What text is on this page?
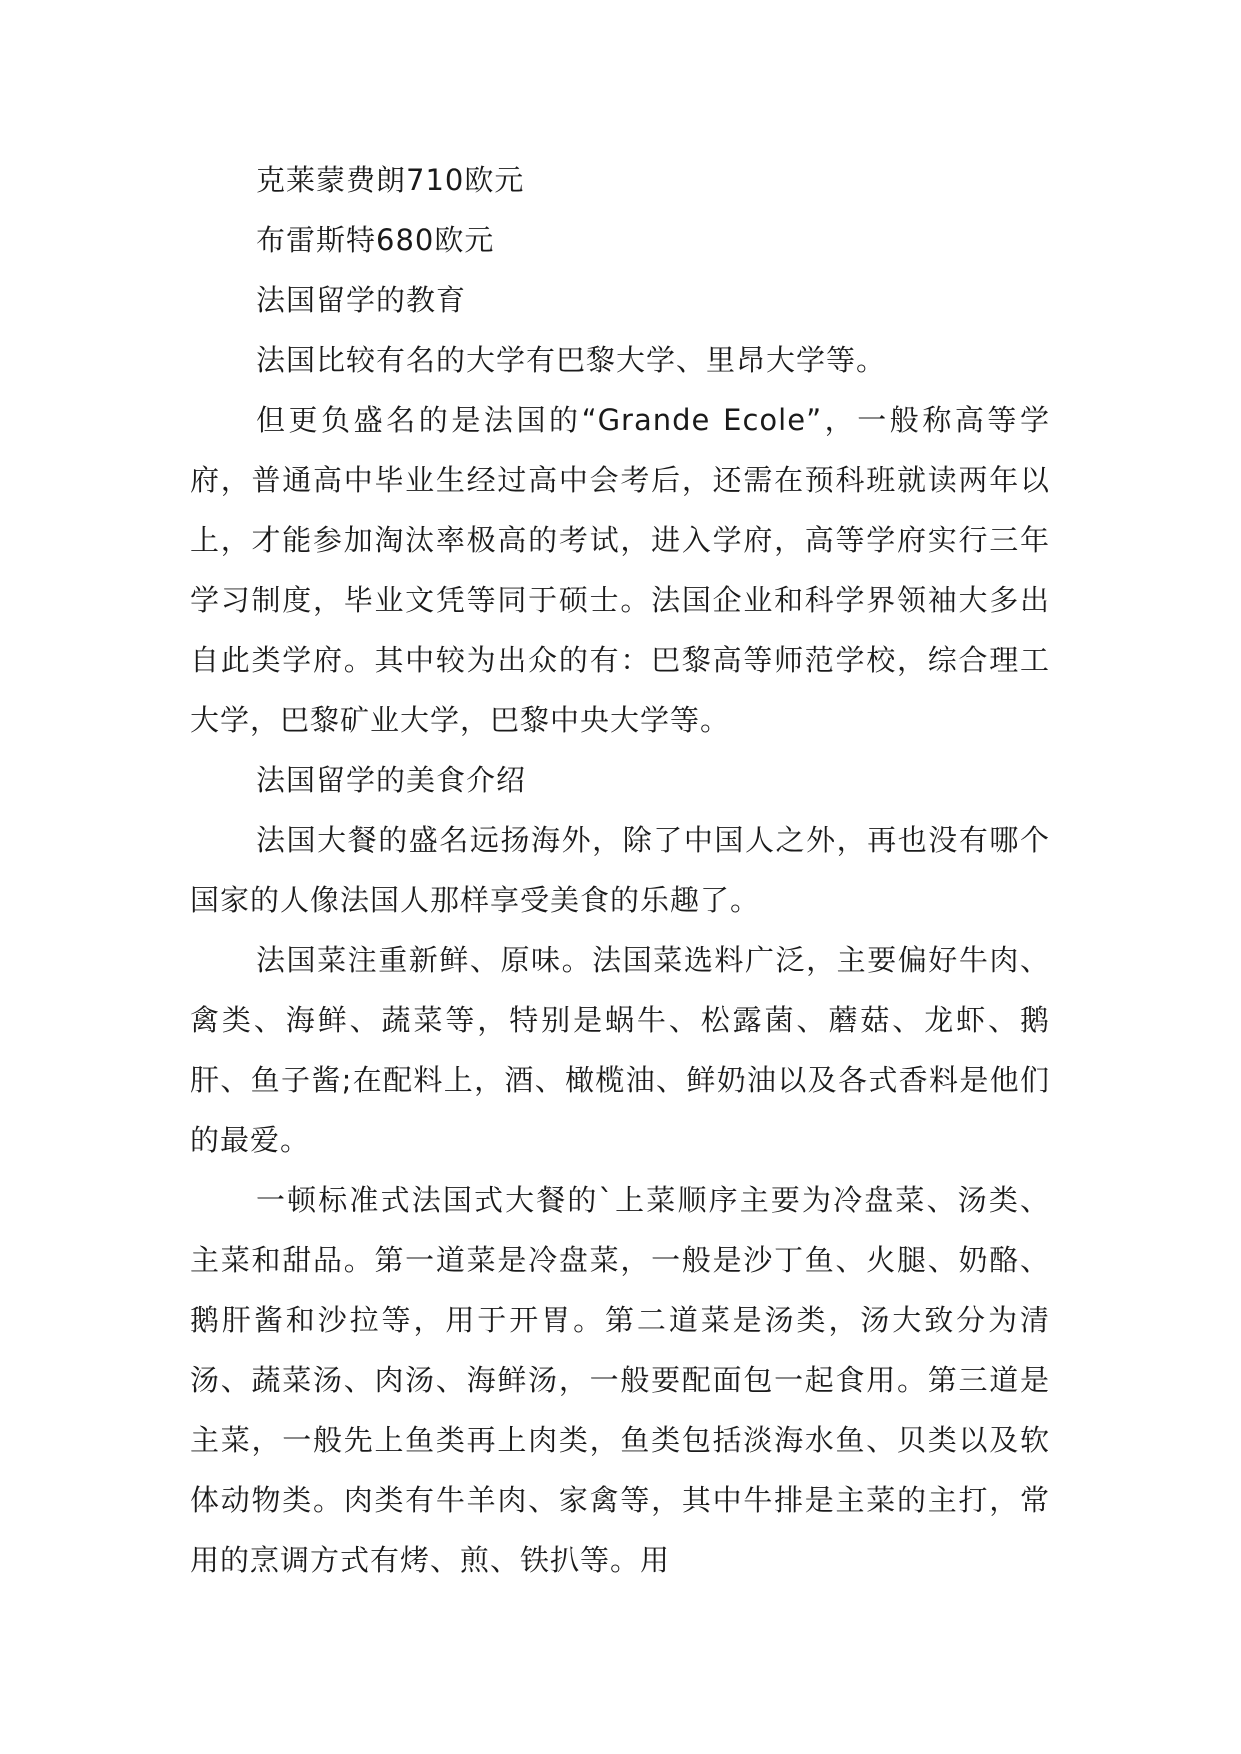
克莱蒙费朗710欧元

布雷斯特680欧元

法国留学的教育

法国比较有名的大学有巴黎大学、里昂大学等。

但更负盛名的是法国的“Grande Ecole”，一般称高等学府，普通高中毕业生经过高中会考后，还需在预科班就读两年以上，才能参加淘汰率极高的考试，进入学府，高等学府实行三年学习制度，毕业文凭等同于硕士。法国企业和科学界领袖大多出自此类学府。其中较为出众的有：巴黎高等师范学校，综合理工大学，巴黎矿业大学，巴黎中央大学等。

法国留学的美食介绍

法国大餐的盛名远扬海外，除了中国人之外，再也没有哪个国家的人像法国人那样享受美食的乐趣了。

法国菜注重新鲜、原味。法国菜选料广泛，主要偏好牛肉、禽类、海鲜、蔬菜等，特别是蜗牛、松露菌、蘑菇、龙虾、鹅肝、鱼子酱;在配料上，酒、橄榄油、鲜奶油以及各式香料是他们的最爱。

一顿标准式法国式大餐的`上菜顺序主要为冷盘菜、汤类、主菜和甜品。第一道菜是冷盘菜，一般是沙丁鱼、火腿、奶酪、鹅肝酱和沙拉等，用于开胃。第二道菜是汤类，汤大致分为清汤、蔬菜汤、肉汤、海鲜汤，一般要配面包一起食用。第三道是主菜，一般先上鱼类再上肉类，鱼类包括淡海水鱼、贝类以及软体动物类。肉类有牛羊肉、家禽等，其中牛排是主菜的主打，常用的烹调方式有烤、煎、铁扒等。用
